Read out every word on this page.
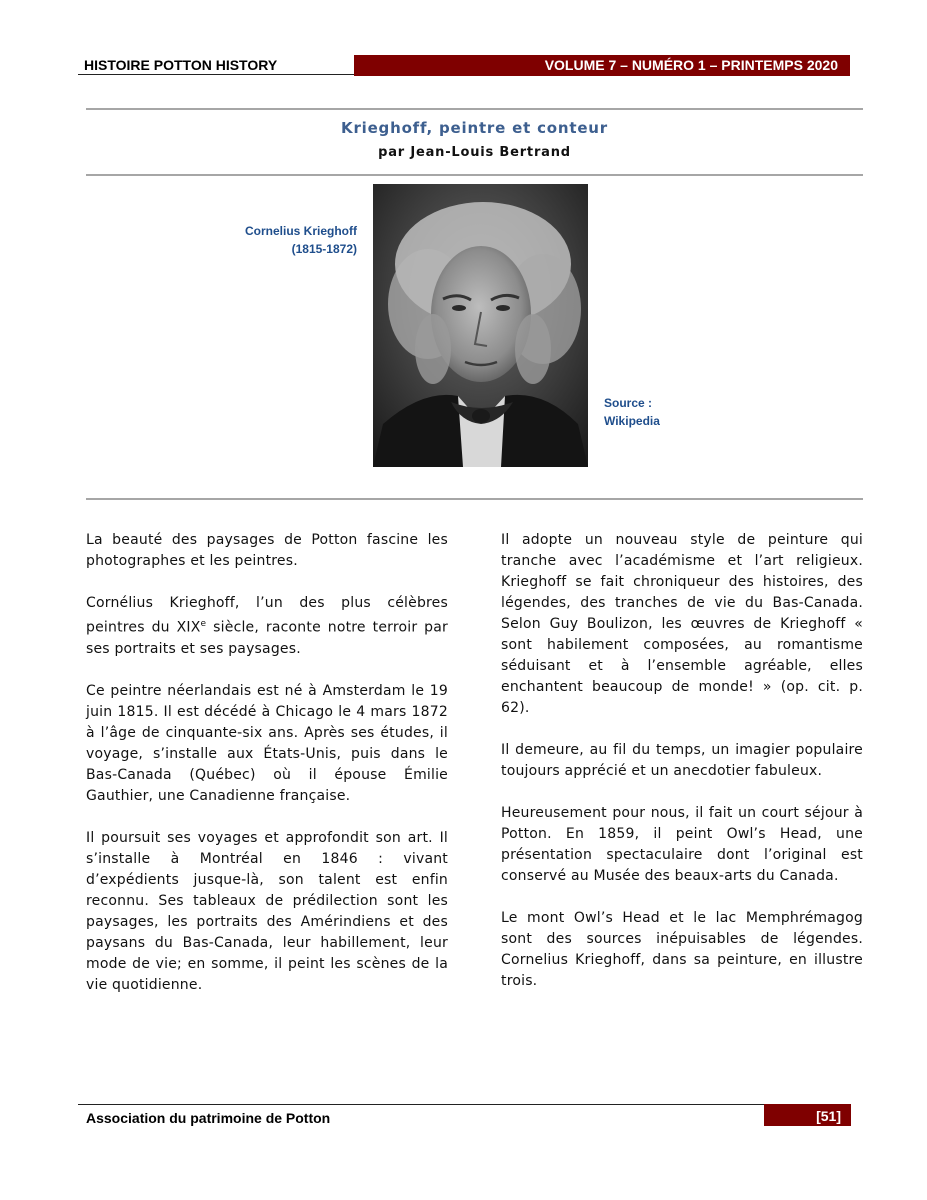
HISTOIRE POTTON HISTORY	VOLUME 7 – NUMÉRO 1 – PRINTEMPS 2020
Krieghoff, peintre et conteur
par Jean-Louis Bertrand
Cornelius Krieghoff
(1815-1872)
Source :
Wikipedia

La beauté des paysages de Potton fascine les photographes et les peintres.

Cornélius Krieghoff, l’un des plus célèbres peintres du XIXe siècle, raconte notre terroir par ses portraits et ses paysages.

Ce peintre néerlandais est né à Amsterdam le 19 juin 1815. Il est décédé à Chicago le 4 mars 1872 à l’âge de cinquante-six ans. Après ses études, il voyage, s’installe aux États-Unis, puis dans le Bas-Canada (Québec) où il épouse Émilie Gauthier, une Canadienne française.

Il poursuit ses voyages et approfondit son art. Il s’installe à Montréal en 1846 : vivant d’expédients jusque-là, son talent est enfin reconnu. Ses tableaux de prédilection sont les paysages, les portraits des Amérindiens et des paysans du Bas-Canada, leur habillement, leur mode de vie; en somme, il peint les scènes de la vie quotidienne.

Il adopte un nouveau style de peinture qui tranche avec l’académisme et l’art religieux. Krieghoff se fait chroniqueur des histoires, des légendes, des tranches de vie du Bas-Canada. Selon Guy Boulizon, les œuvres de Krieghoff « sont habilement composées, au romantisme séduisant et à l’ensemble agréable, elles enchantent beaucoup de monde! » (op. cit. p. 62).

Il demeure, au fil du temps, un imagier populaire toujours apprécié et un anecdotier fabuleux.

Heureusement pour nous, il fait un court séjour à Potton. En 1859, il peint Owl’s Head, une présentation spectaculaire dont l’original est conservé au Musée des beaux-arts du Canada.

Le mont Owl’s Head et le lac Memphrémagog sont des sources inépuisables de légendes. Cornelius Krieghoff, dans sa peinture, en illustre trois.

Association du patrimoine de Potton	[51]
